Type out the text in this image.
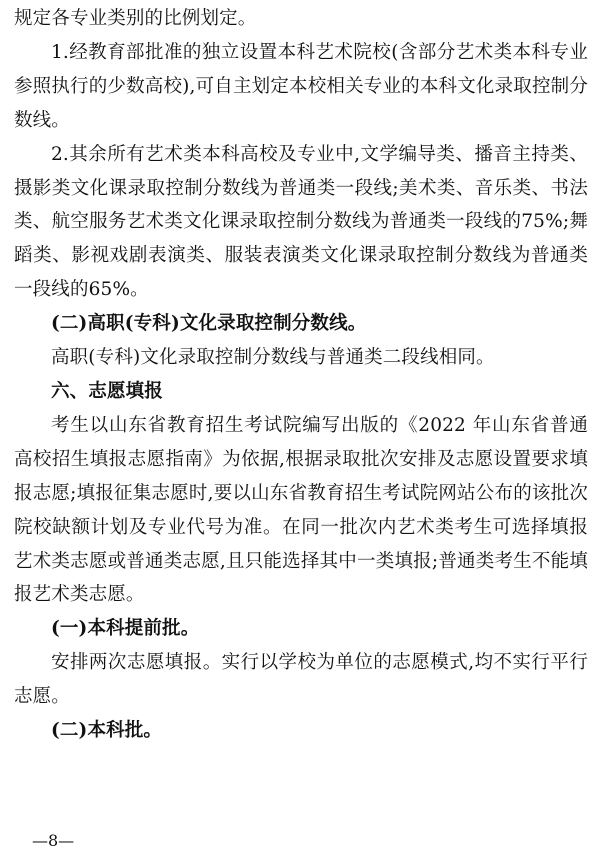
规定各专业类别的比例划定。

1.经教育部批准的独立设置本科艺术院校(含部分艺术类本科专业参照执行的少数高校),可自主划定本校相关专业的本科文化录取控制分数线。

2.其余所有艺术类本科高校及专业中,文学编导类、播音主持类、摄影类文化课录取控制分数线为普通类一段线;美术类、音乐类、书法类、航空服务艺术类文化课录取控制分数线为普通类一段线的75%;舞蹈类、影视戏剧表演类、服装表演类文化课录取控制分数线为普通类一段线的65%。

(二)高职(专科)文化录取控制分数线。

高职(专科)文化录取控制分数线与普通类二段线相同。

六、志愿填报

考生以山东省教育招生考试院编写出版的《2022 年山东省普通高校招生填报志愿指南》为依据,根据录取批次安排及志愿设置要求填报志愿;填报征集志愿时,要以山东省教育招生考试院网站公布的该批次院校缺额计划及专业代号为准。在同一批次内艺术类考生可选择填报艺术类志愿或普通类志愿,且只能选择其中一类填报;普通类考生不能填报艺术类志愿。

(一)本科提前批。

安排两次志愿填报。实行以学校为单位的志愿模式,均不实行平行志愿。

(二)本科批。

—8—
